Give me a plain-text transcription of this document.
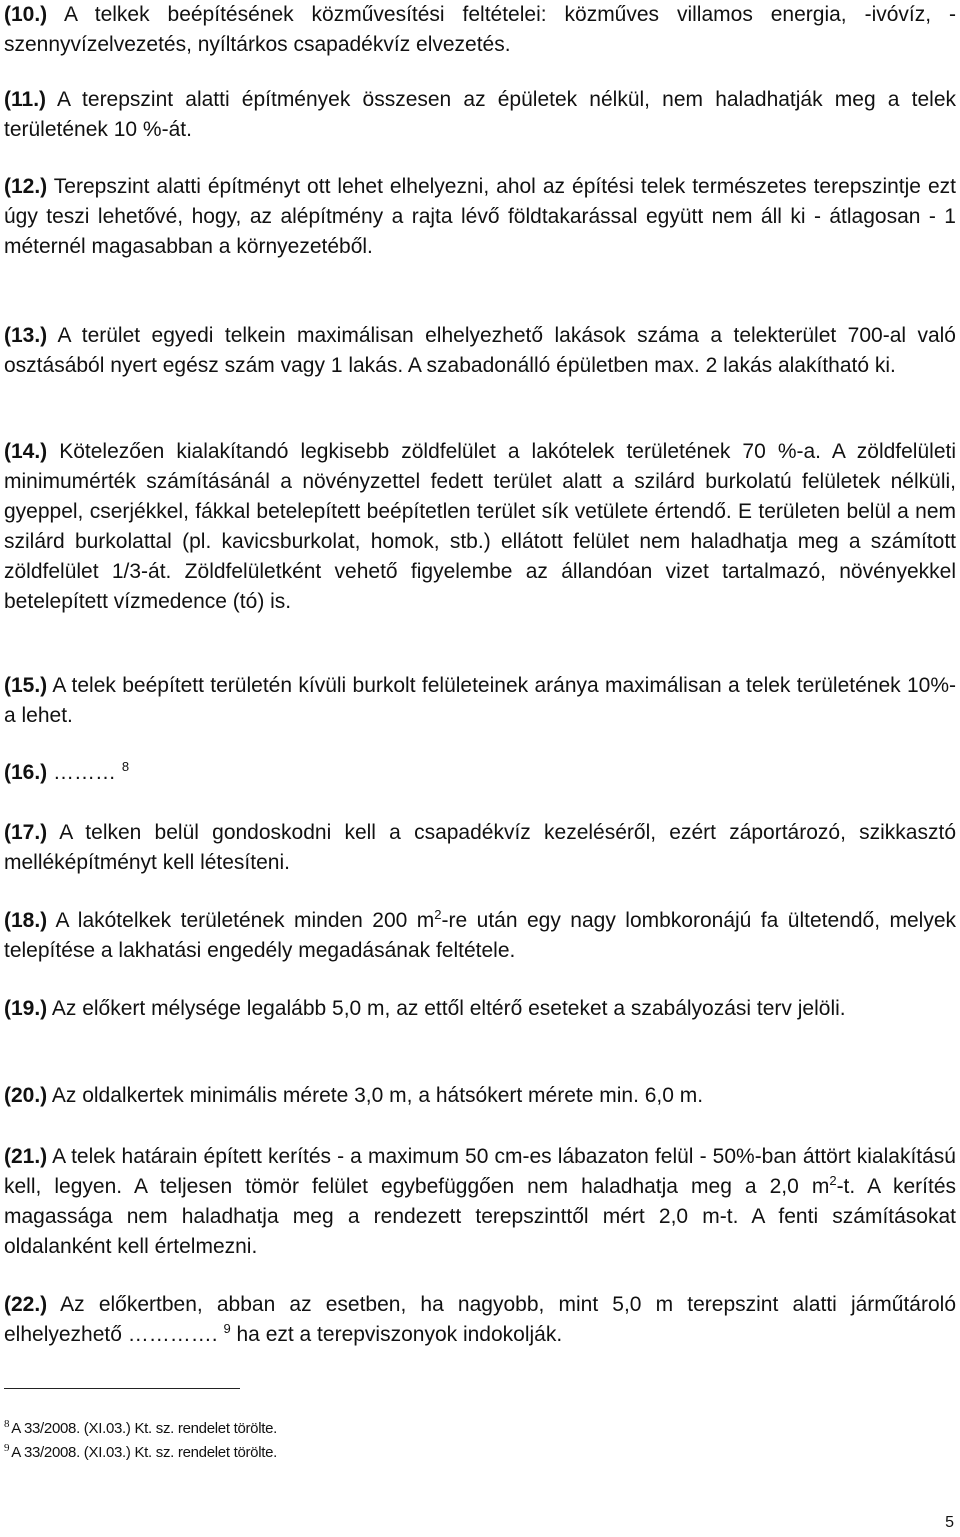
(10.) A telkek beépítésének közművesítési feltételei: közműves villamos energia, -ivóvíz, -szennyvízelvezetés, nyíltárkos csapadékvíz elvezetés.

(11.) A terepszint alatti építmények összesen az épületek nélkül, nem haladhatják meg a telek területének 10 %-át.

(12.) Terepszint alatti építményt ott lehet elhelyezni, ahol az építési telek természetes terepszintje ezt úgy teszi lehetővé, hogy, az alépítmény a rajta lévő földtakarással együtt nem áll ki - átlagosan - 1 méternél magasabban a környezetéből.

(13.) A terület egyedi telkein maximálisan elhelyezhető lakások száma a telekterület 700-al való osztásából nyert egész szám vagy 1 lakás. A szabadonálló épületben max. 2 lakás alakítható ki.

(14.) Kötelezően kialakítandó legkisebb zöldfelület a lakótelek területének 70 %-a. A zöldfelületi minimumérték számításánál a növényzettel fedett terület alatt a szilárd burkolatú felületek nélküli, gyeppel, cserjékkel, fákkal betelepített beépítetlen terület sík vetülete értendő. E területen belül a nem szilárd burkolattal (pl. kavicsburkolat, homok, stb.) ellátott felület nem haladhatja meg a számított zöldfelület 1/3-át. Zöldfelületként vehető figyelembe az állandóan vizet tartalmazó, növényekkel betelepített vízmedence (tó) is.

(15.) A telek beépített területén kívüli burkolt felületeinek aránya maximálisan a telek területének 10%-a lehet.

(16.) ……… $^8$

(17.) A telken belül gondoskodni kell a csapadékvíz kezeléséről, ezért záportározó, szikkasztó melléképítményt kell létesíteni.

(18.) A lakótelkek területének minden 200 $m^2-re$ után egy nagy lombkoronájú fa ültetendő, melyek telepítése a lakhatási engedély megadásának feltétele.

(19.) Az előkert mélysége legalább 5,0 m, az ettől eltérő eseteket a szabályozási terv jelöli.

(20.) Az oldalkertek minimális mérete 3,0 m, a hátsókert mérete min. 6,0 m.

(21.) A telek határain épített kerítés - a maximum 50 cm-es lábazaton felül - 50%-ban áttört kialakítású kell, legyen. A teljesen tömör felület egybefüggően nem haladhatja meg a 2,0 $m^2-t$. A kerítés magassága nem haladhatja meg a rendezett terepszinttől mért 2,0 m-t. A fenti számításokat oldalanként kell értelmezni.

(22.) Az előkertben, abban az esetben, ha nagyobb, mint 5,0 m terepszint alatti járműtároló elhelyezhető …………. $^9$ ha ezt a terepviszonyok indokolják.

$^8$ A 33/2008. (XI.03.) Kt. sz. rendelet törölte.
$^9$ A 33/2008. (XI.03.) Kt. sz. rendelet törölte.
5
